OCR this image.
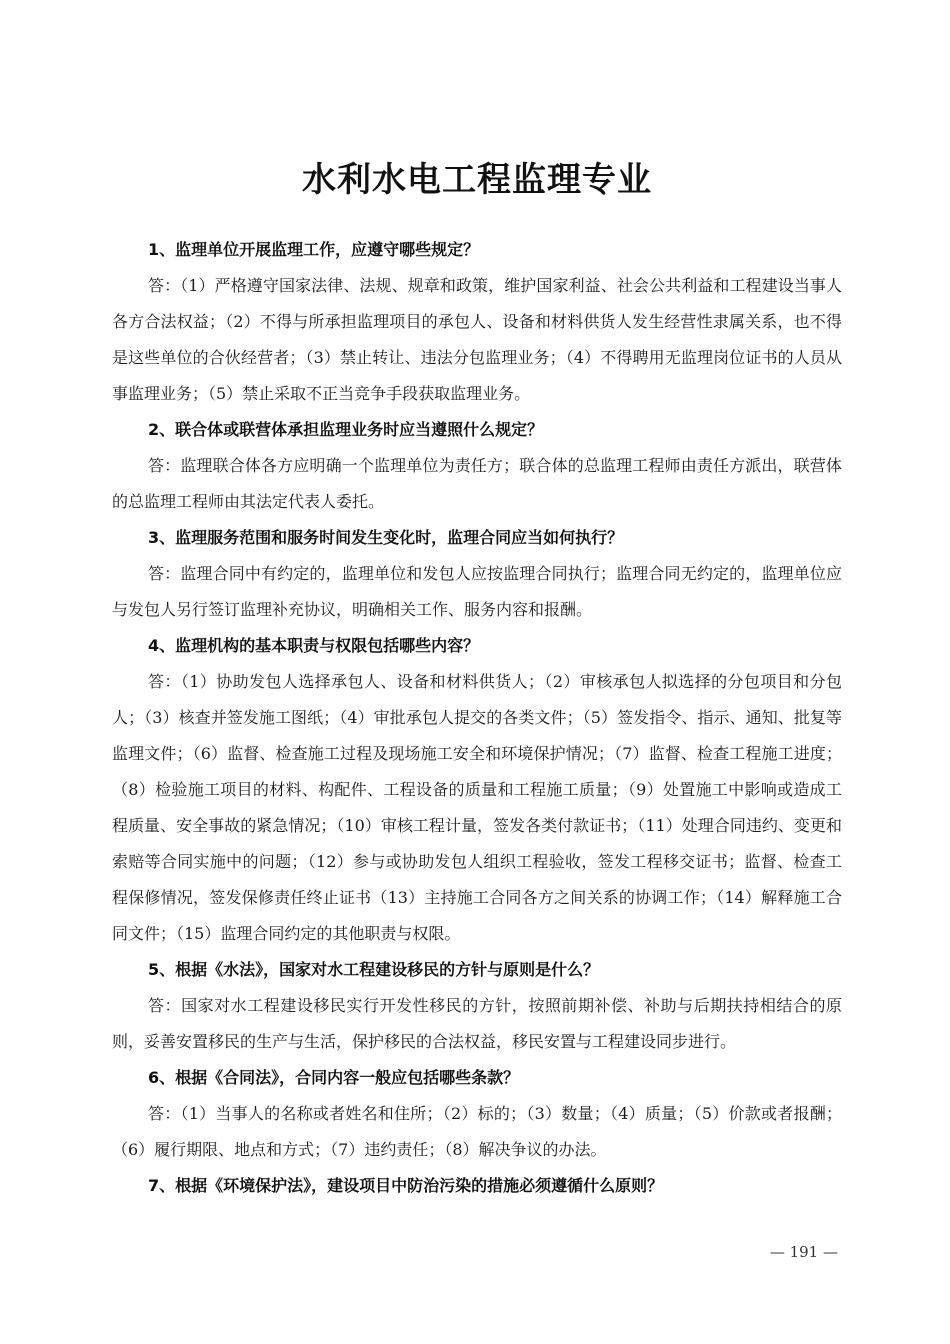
水利水电工程监理专业

1、监理单位开展监理工作，应遵守哪些规定？

答：（1）严格遵守国家法律、法规、规章和政策，维护国家利益、社会公共利益和工程建设当事人各方合法权益；（2）不得与所承担监理项目的承包人、设备和材料供货人发生经营性隶属关系，也不得是这些单位的合伙经营者；（3）禁止转让、违法分包监理业务；（4）不得聘用无监理岗位证书的人员从事监理业务；（5）禁止采取不正当竞争手段获取监理业务。

2、联合体或联营体承担监理业务时应当遵照什么规定？

答：监理联合体各方应明确一个监理单位为责任方；联合体的总监理工程师由责任方派出，联营体的总监理工程师由其法定代表人委托。

3、监理服务范围和服务时间发生变化时，监理合同应当如何执行？

答：监理合同中有约定的，监理单位和发包人应按监理合同执行；监理合同无约定的，监理单位应与发包人另行签订监理补充协议，明确相关工作、服务内容和报酬。

4、监理机构的基本职责与权限包括哪些内容？

答：（1）协助发包人选择承包人、设备和材料供货人；（2）审核承包人拟选择的分包项目和分包人；（3）核查并签发施工图纸；（4）审批承包人提交的各类文件；（5）签发指令、指示、通知、批复等监理文件；（6）监督、检查施工过程及现场施工安全和环境保护情况；（7）监督、检查工程施工进度；（8）检验施工项目的材料、构配件、工程设备的质量和工程施工质量；（9）处置施工中影响或造成工程质量、安全事故的紧急情况；（10）审核工程计量，签发各类付款证书；（11）处理合同违约、变更和索赔等合同实施中的问题；（12）参与或协助发包人组织工程验收，签发工程移交证书；监督、检查工程保修情况，签发保修责任终止证书（13）主持施工合同各方之间关系的协调工作；（14）解释施工合同文件；（15）监理合同约定的其他职责与权限。

5、根据《水法》，国家对水工程建设移民的方针与原则是什么？

答：国家对水工程建设移民实行开发性移民的方针，按照前期补偿、补助与后期扶持相结合的原则，妥善安置移民的生产与生活，保护移民的合法权益，移民安置与工程建设同步进行。

6、根据《合同法》，合同内容一般应包括哪些条款？

答：（1）当事人的名称或者姓名和住所；（2）标的；（3）数量；（4）质量；（5）价款或者报酬；（6）履行期限、地点和方式；（7）违约责任；（8）解决争议的办法。

7、根据《环境保护法》，建设项目中防治污染的措施必须遵循什么原则？

— 191 —
